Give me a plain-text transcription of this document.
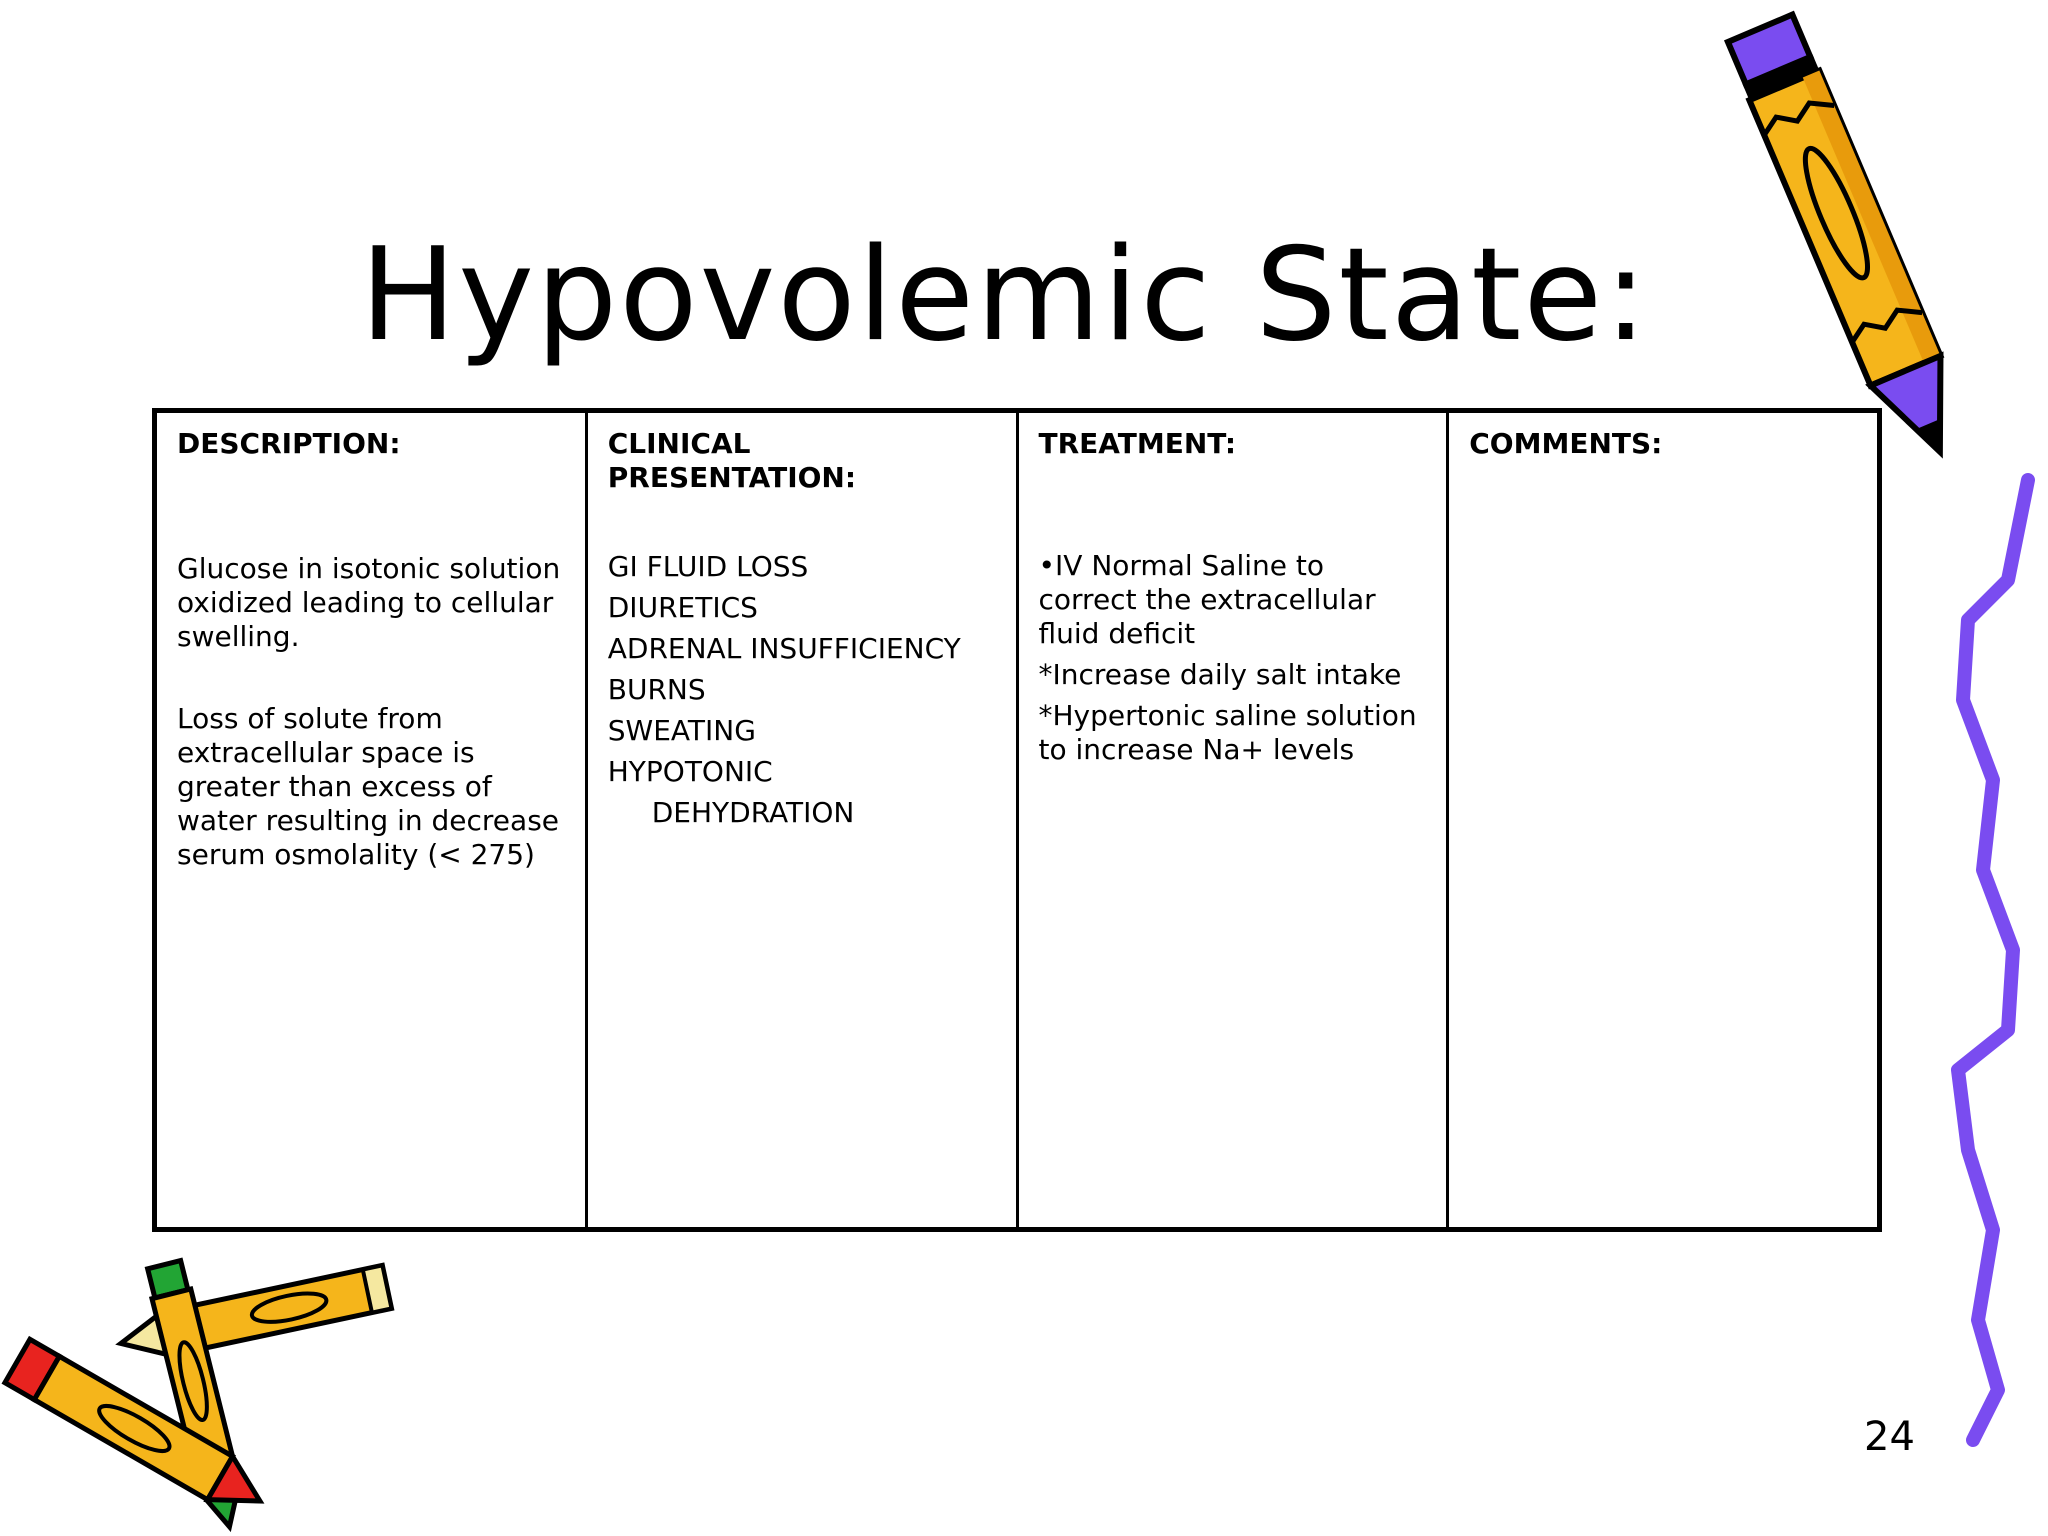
Hypovolemic State:

DESCRIPTION:

Glucose in isotonic solution oxidized leading to cellular swelling.

Loss of solute from extracellular space is greater than excess of water resulting in decrease serum osmolality (< 275)

CLINICAL PRESENTATION:

GI FLUID LOSS
DIURETICS
ADRENAL INSUFFICIENCY
BURNS
SWEATING
HYPOTONIC
DEHYDRATION

TREATMENT:

•IV Normal Saline to correct the extracellular fluid deficit
*Increase daily salt intake
*Hypertonic saline solution to increase Na+ levels

COMMENTS:

24
